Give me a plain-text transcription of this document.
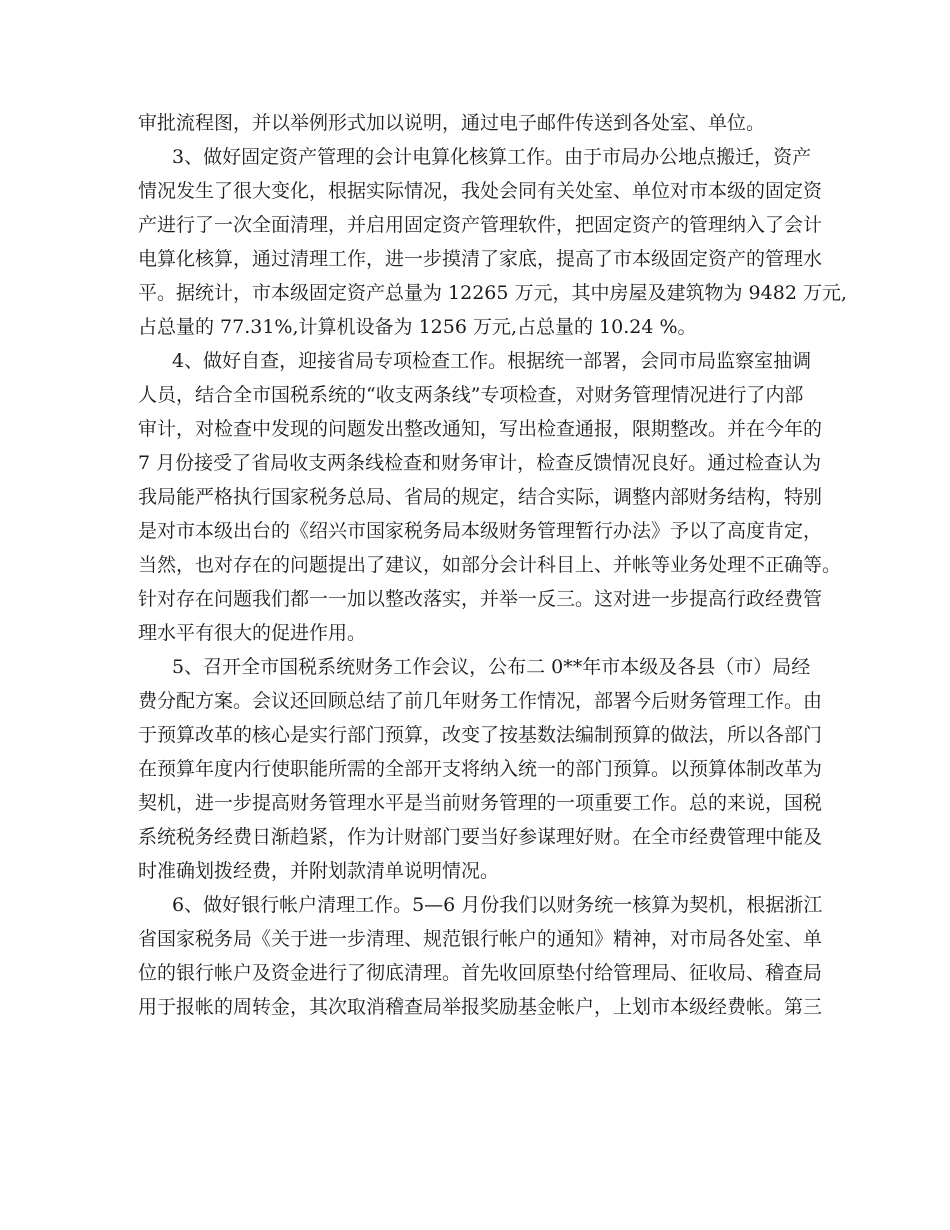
审批流程图，并以举例形式加以说明，通过电子邮件传送到各处室、单位。
3、做好固定资产管理的会计电算化核算工作。由于市局办公地点搬迁，资产
情况发生了很大变化，根据实际情况，我处会同有关处室、单位对市本级的固定资
产进行了一次全面清理，并启用固定资产管理软件，把固定资产的管理纳入了会计
电算化核算，通过清理工作，进一步摸清了家底，提高了市本级固定资产的管理水
平。据统计，市本级固定资产总量为 12265 万元，其中房屋及建筑物为 9482 万元,
占总量的 77.31%,计算机设备为 1256 万元,占总量的 10.24 %。
4、做好自查，迎接省局专项检查工作。根据统一部署，会同市局监察室抽调
人员，结合全市国税系统的“收支两条线”专项检查，对财务管理情况进行了内部
审计，对检查中发现的问题发出整改通知，写出检查通报，限期整改。并在今年的
7 月份接受了省局收支两条线检查和财务审计，检查反馈情况良好。通过检查认为
我局能严格执行国家税务总局、省局的规定，结合实际，调整内部财务结构，特别
是对市本级出台的《绍兴市国家税务局本级财务管理暂行办法》予以了高度肯定，
当然，也对存在的问题提出了建议，如部分会计科目上、并帐等业务处理不正确等。
针对存在问题我们都一一加以整改落实，并举一反三。这对进一步提高行政经费管
理水平有很大的促进作用。
5、召开全市国税系统财务工作会议，公布二 0**年市本级及各县（市）局经
费分配方案。会议还回顾总结了前几年财务工作情况，部署今后财务管理工作。由
于预算改革的核心是实行部门预算，改变了按基数法编制预算的做法，所以各部门
在预算年度内行使职能所需的全部开支将纳入统一的部门预算。以预算体制改革为
契机，进一步提高财务管理水平是当前财务管理的一项重要工作。总的来说，国税
系统税务经费日渐趋紧，作为计财部门要当好参谋理好财。在全市经费管理中能及
时准确划拨经费，并附划款清单说明情况。
6、做好银行帐户清理工作。5—6 月份我们以财务统一核算为契机，根据浙江
省国家税务局《关于进一步清理、规范银行帐户的通知》精神，对市局各处室、单
位的银行帐户及资金进行了彻底清理。首先收回原垫付给管理局、征收局、稽查局
用于报帐的周转金，其次取消稽查局举报奖励基金帐户，上划市本级经费帐。第三
